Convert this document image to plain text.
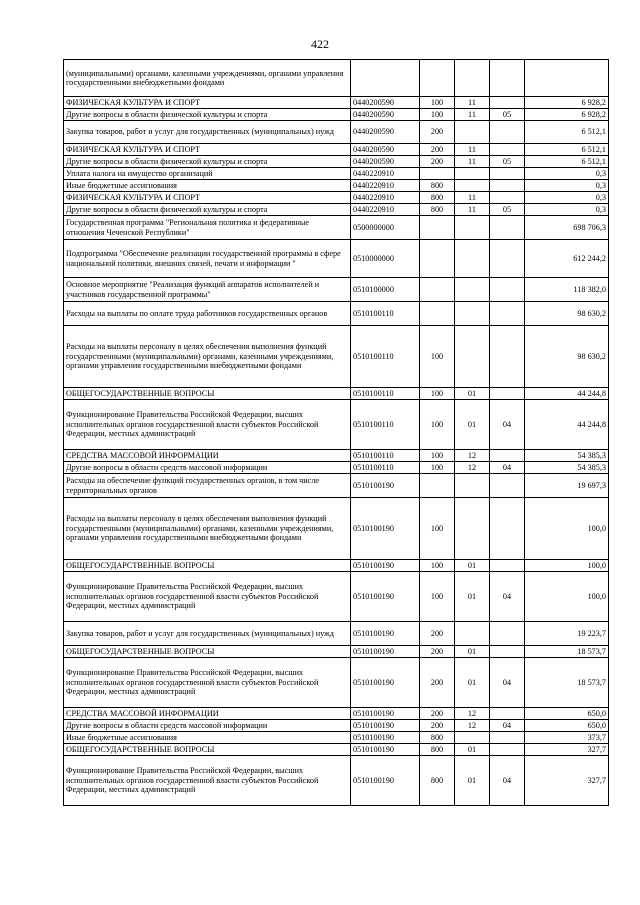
422
(муниципальными) органами, казенными учреждениями, органами управления государственными внебюджетными фондами					
ФИЗИЧЕСКАЯ КУЛЬТУРА И СПОРТ	0440200590	100	11		6 928,2
Другие вопросы в области физической культуры и спорта	0440200590	100	11	05	6 928,2
Закупка товаров, работ и услуг для государственных (муниципальных) нужд	0440200590	200			6 512,1
ФИЗИЧЕСКАЯ КУЛЬТУРА И СПОРТ	0440200590	200	11		6 512,1
Другие вопросы в области физической культуры и спорта	0440200590	200	11	05	6 512,1
Уплата налога на имущество организаций	0440220910				0,3
Иные бюджетные ассигнования	0440220910	800			0,3
ФИЗИЧЕСКАЯ КУЛЬТУРА И СПОРТ	0440220910	800	11		0,3
Другие вопросы в области физической культуры и спорта	0440220910	800	11	05	0,3
Государственная программа "Региональная политика и федеративные отношения Чеченской Республики"	0500000000				698 706,3
Подпрограмма "Обеспечение реализации государственной программы в сфере национальной политики, внешних связей, печати и информации "	0510000000				612 244,2
Основное мероприятие "Реализация функций аппаратов исполнителей и участников государственной программы"	0510100000				118 382,0
Расходы на выплаты по оплате труда работников государственных органов	0510100110				98 630,2
Расходы на выплаты персоналу в целях обеспечения выполнения функций государственными (муниципальными) органами, казенными учреждениями, органами управления государственными внебюджетными фондами	0510100110	100			98 630,2
ОБЩЕГОСУДАРСТВЕННЫЕ ВОПРОСЫ	0510100110	100	01		44 244,8
Функционирование Правительства Российской Федерации, высших исполнительных органов государственной власти субъектов Российской Федерации, местных администраций	0510100110	100	01	04	44 244,8
СРЕДСТВА МАССОВОЙ ИНФОРМАЦИИ	0510100110	100	12		54 385,3
Другие вопросы в области средств массовой информации	0510100110	100	12	04	54 385,3
Расходы на обеспечение функций государственных органов, в том числе территориальных органов	0510100190				19 697,3
Расходы на выплаты персоналу в целях обеспечения выполнения функций государственными (муниципальными) органами, казенными учреждениями, органами управления государственными внебюджетными фондами	0510100190	100			100,0
ОБЩЕГОСУДАРСТВЕННЫЕ ВОПРОСЫ	0510100190	100	01		100,0
Функционирование Правительства Российской Федерации, высших исполнительных органов государственной власти субъектов Российской Федерации, местных администраций	0510100190	100	01	04	100,0
Закупка товаров, работ и услуг для государственных (муниципальных) нужд	0510100190	200			19 223,7
ОБЩЕГОСУДАРСТВЕННЫЕ ВОПРОСЫ	0510100190	200	01		18 573,7
Функционирование Правительства Российской Федерации, высших исполнительных органов государственной власти субъектов Российской Федерации, местных администраций	0510100190	200	01	04	18 573,7
СРЕДСТВА МАССОВОЙ ИНФОРМАЦИИ	0510100190	200	12		650,0
Другие вопросы в области средств массовой информации	0510100190	200	12	04	650,0
Иные бюджетные ассигнования	0510100190	800			373,7
ОБЩЕГОСУДАРСТВЕННЫЕ ВОПРОСЫ	0510100190	800	01		327,7
Функционирование Правительства Российской Федерации, высших исполнительных органов государственной власти субъектов Российской Федерации, местных администраций	0510100190	800	01	04	327,7
